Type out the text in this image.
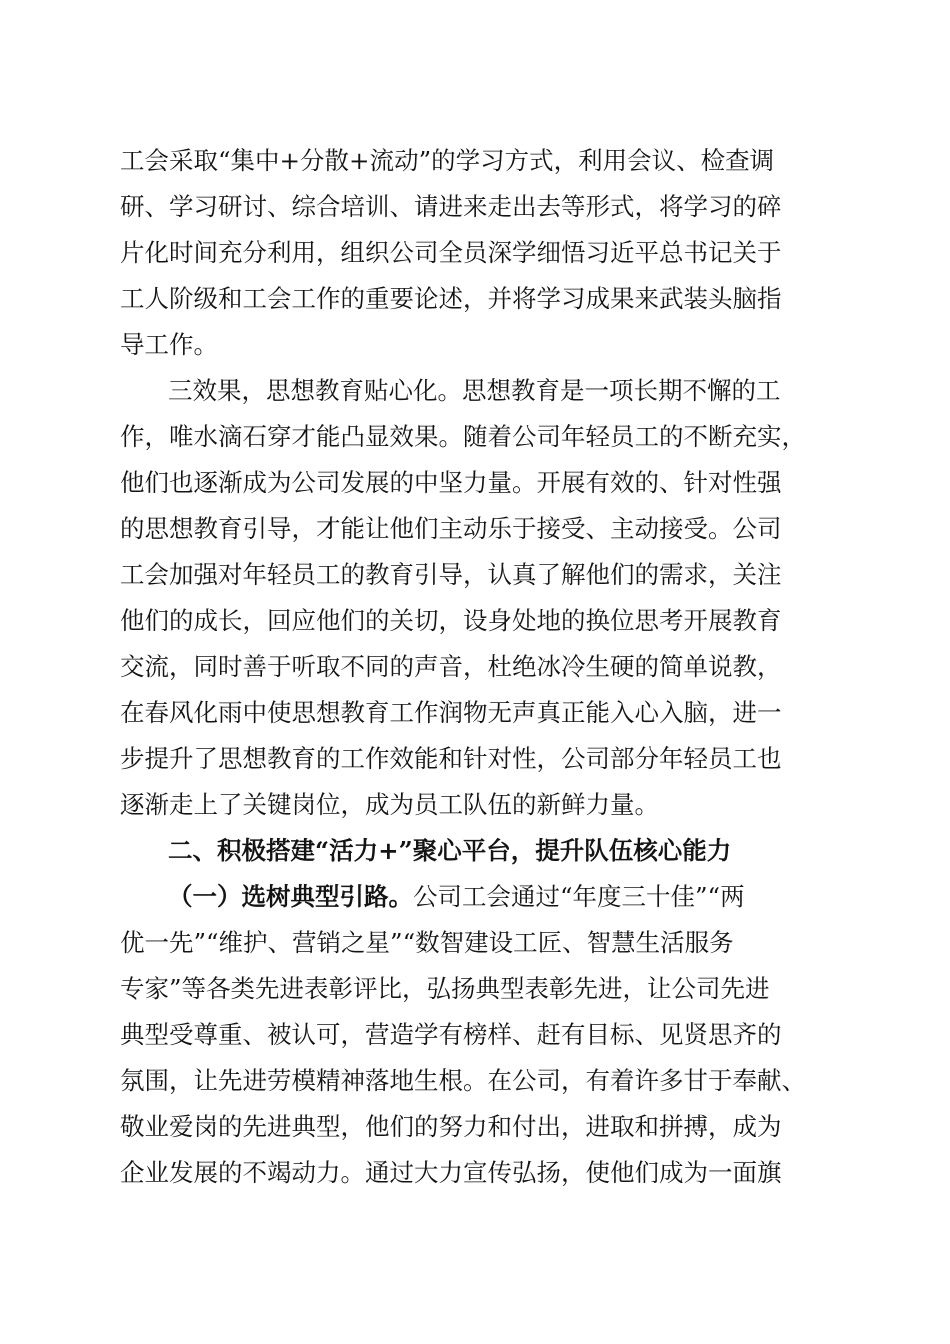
工会采取“集中+分散+流动”的学习方式，利用会议、检查调
研、学习研讨、综合培训、请进来走出去等形式，将学习的碎
片化时间充分利用，组织公司全员深学细悟习近平总书记关于
工人阶级和工会工作的重要论述，并将学习成果来武装头脑指
导工作。
三效果，思想教育贴心化。思想教育是一项长期不懈的工
作，唯水滴石穿才能凸显效果。随着公司年轻员工的不断充实，
他们也逐渐成为公司发展的中坚力量。开展有效的、针对性强
的思想教育引导，才能让他们主动乐于接受、主动接受。公司
工会加强对年轻员工的教育引导，认真了解他们的需求，关注
他们的成长，回应他们的关切，设身处地的换位思考开展教育
交流，同时善于听取不同的声音，杜绝冰冷生硬的简单说教，
在春风化雨中使思想教育工作润物无声真正能入心入脑，进一
步提升了思想教育的工作效能和针对性，公司部分年轻员工也
逐渐走上了关键岗位，成为员工队伍的新鲜力量。
二、积极搭建“活力+”聚心平台，提升队伍核心能力
（一）选树典型引路。公司工会通过“年度三十佳”“两
优一先”“维护、营销之星”“数智建设工匠、智慧生活服务
专家”等各类先进表彰评比，弘扬典型表彰先进，让公司先进
典型受尊重、被认可，营造学有榜样、赶有目标、见贤思齐的
氛围，让先进劳模精神落地生根。在公司，有着许多甘于奉献、
敬业爱岗的先进典型，他们的努力和付出，进取和拼搏，成为
企业发展的不竭动力。通过大力宣传弘扬，使他们成为一面旗
